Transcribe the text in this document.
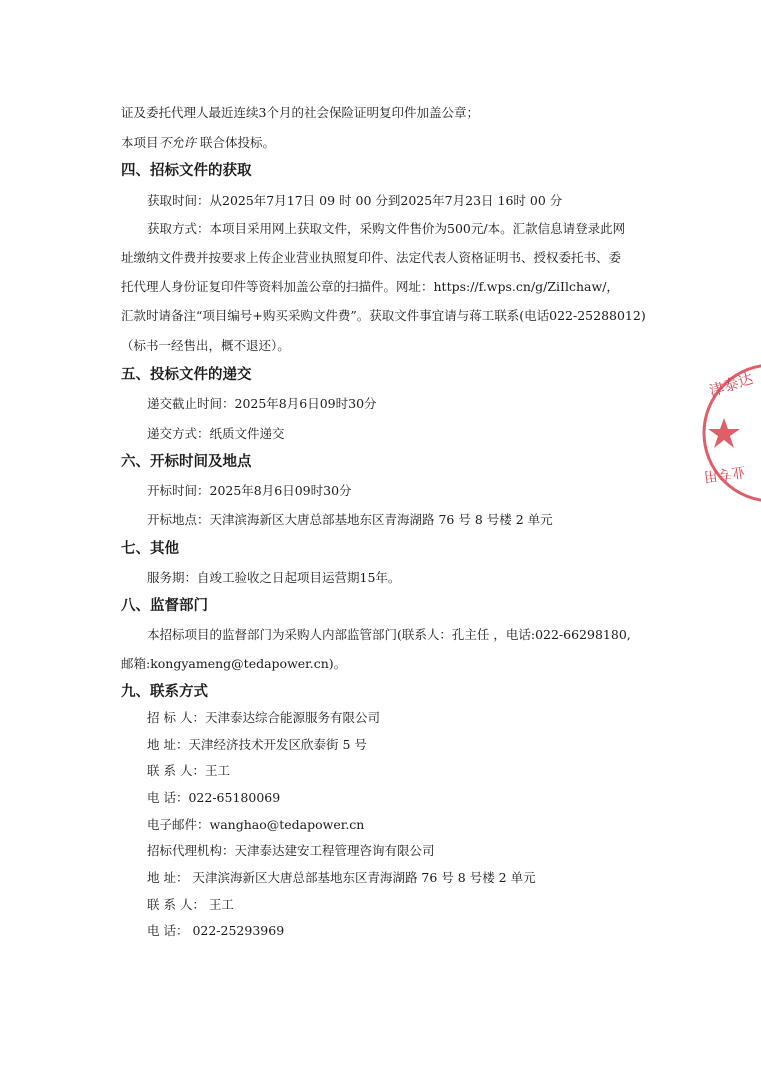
证及委托代理人最近连续3个月的社会保险证明复印件加盖公章；
本项目不允许 联合体投标。
四、招标文件的获取
获取时间：从2025年7月17日 09 时 00 分到2025年7月23日 16时 00 分
获取方式：本项目采用网上获取文件，采购文件售价为500元/本。汇款信息请登录此网
址缴纳文件费并按要求上传企业营业执照复印件、法定代表人资格证明书、授权委托书、委
托代理人身份证复印件等资料加盖公章的扫描件。网址：https://f.wps.cn/g/ZiIlchaw/，
汇款时请备注“项目编号+购买采购文件费”。获取文件事宜请与蒋工联系(电话022-25288012)
（标书一经售出，概不退还）。
五、投标文件的递交
递交截止时间：2025年8月6日09时30分
递交方式：纸质文件递交
六、开标时间及地点
开标时间：2025年8月6日09时30分
开标地点：天津滨海新区大唐总部基地东区青海湖路 76 号 8 号楼 2 单元
七、其他
服务期：自竣工验收之日起项目运营期15年。
八、监督部门
本招标项目的监督部门为采购人内部监管部门(联系人：孔主任 ，电话:022-66298180,
邮箱:kongyameng@tedapower.cn)。
九、联系方式
招 标 人：天津泰达综合能源服务有限公司
地 址：天津经济技术开发区欣泰街 5 号
联 系 人：王工
电 话：022-65180069
电子邮件：wanghao@tedapower.cn
招标代理机构：天津泰达建安工程管理咨询有限公司
地 址： 天津滨海新区大唐总部基地东区青海湖路 76 号 8 号楼 2 单元
联 系 人： 王工
电 话： 022-25293969
津泰达
业专用
